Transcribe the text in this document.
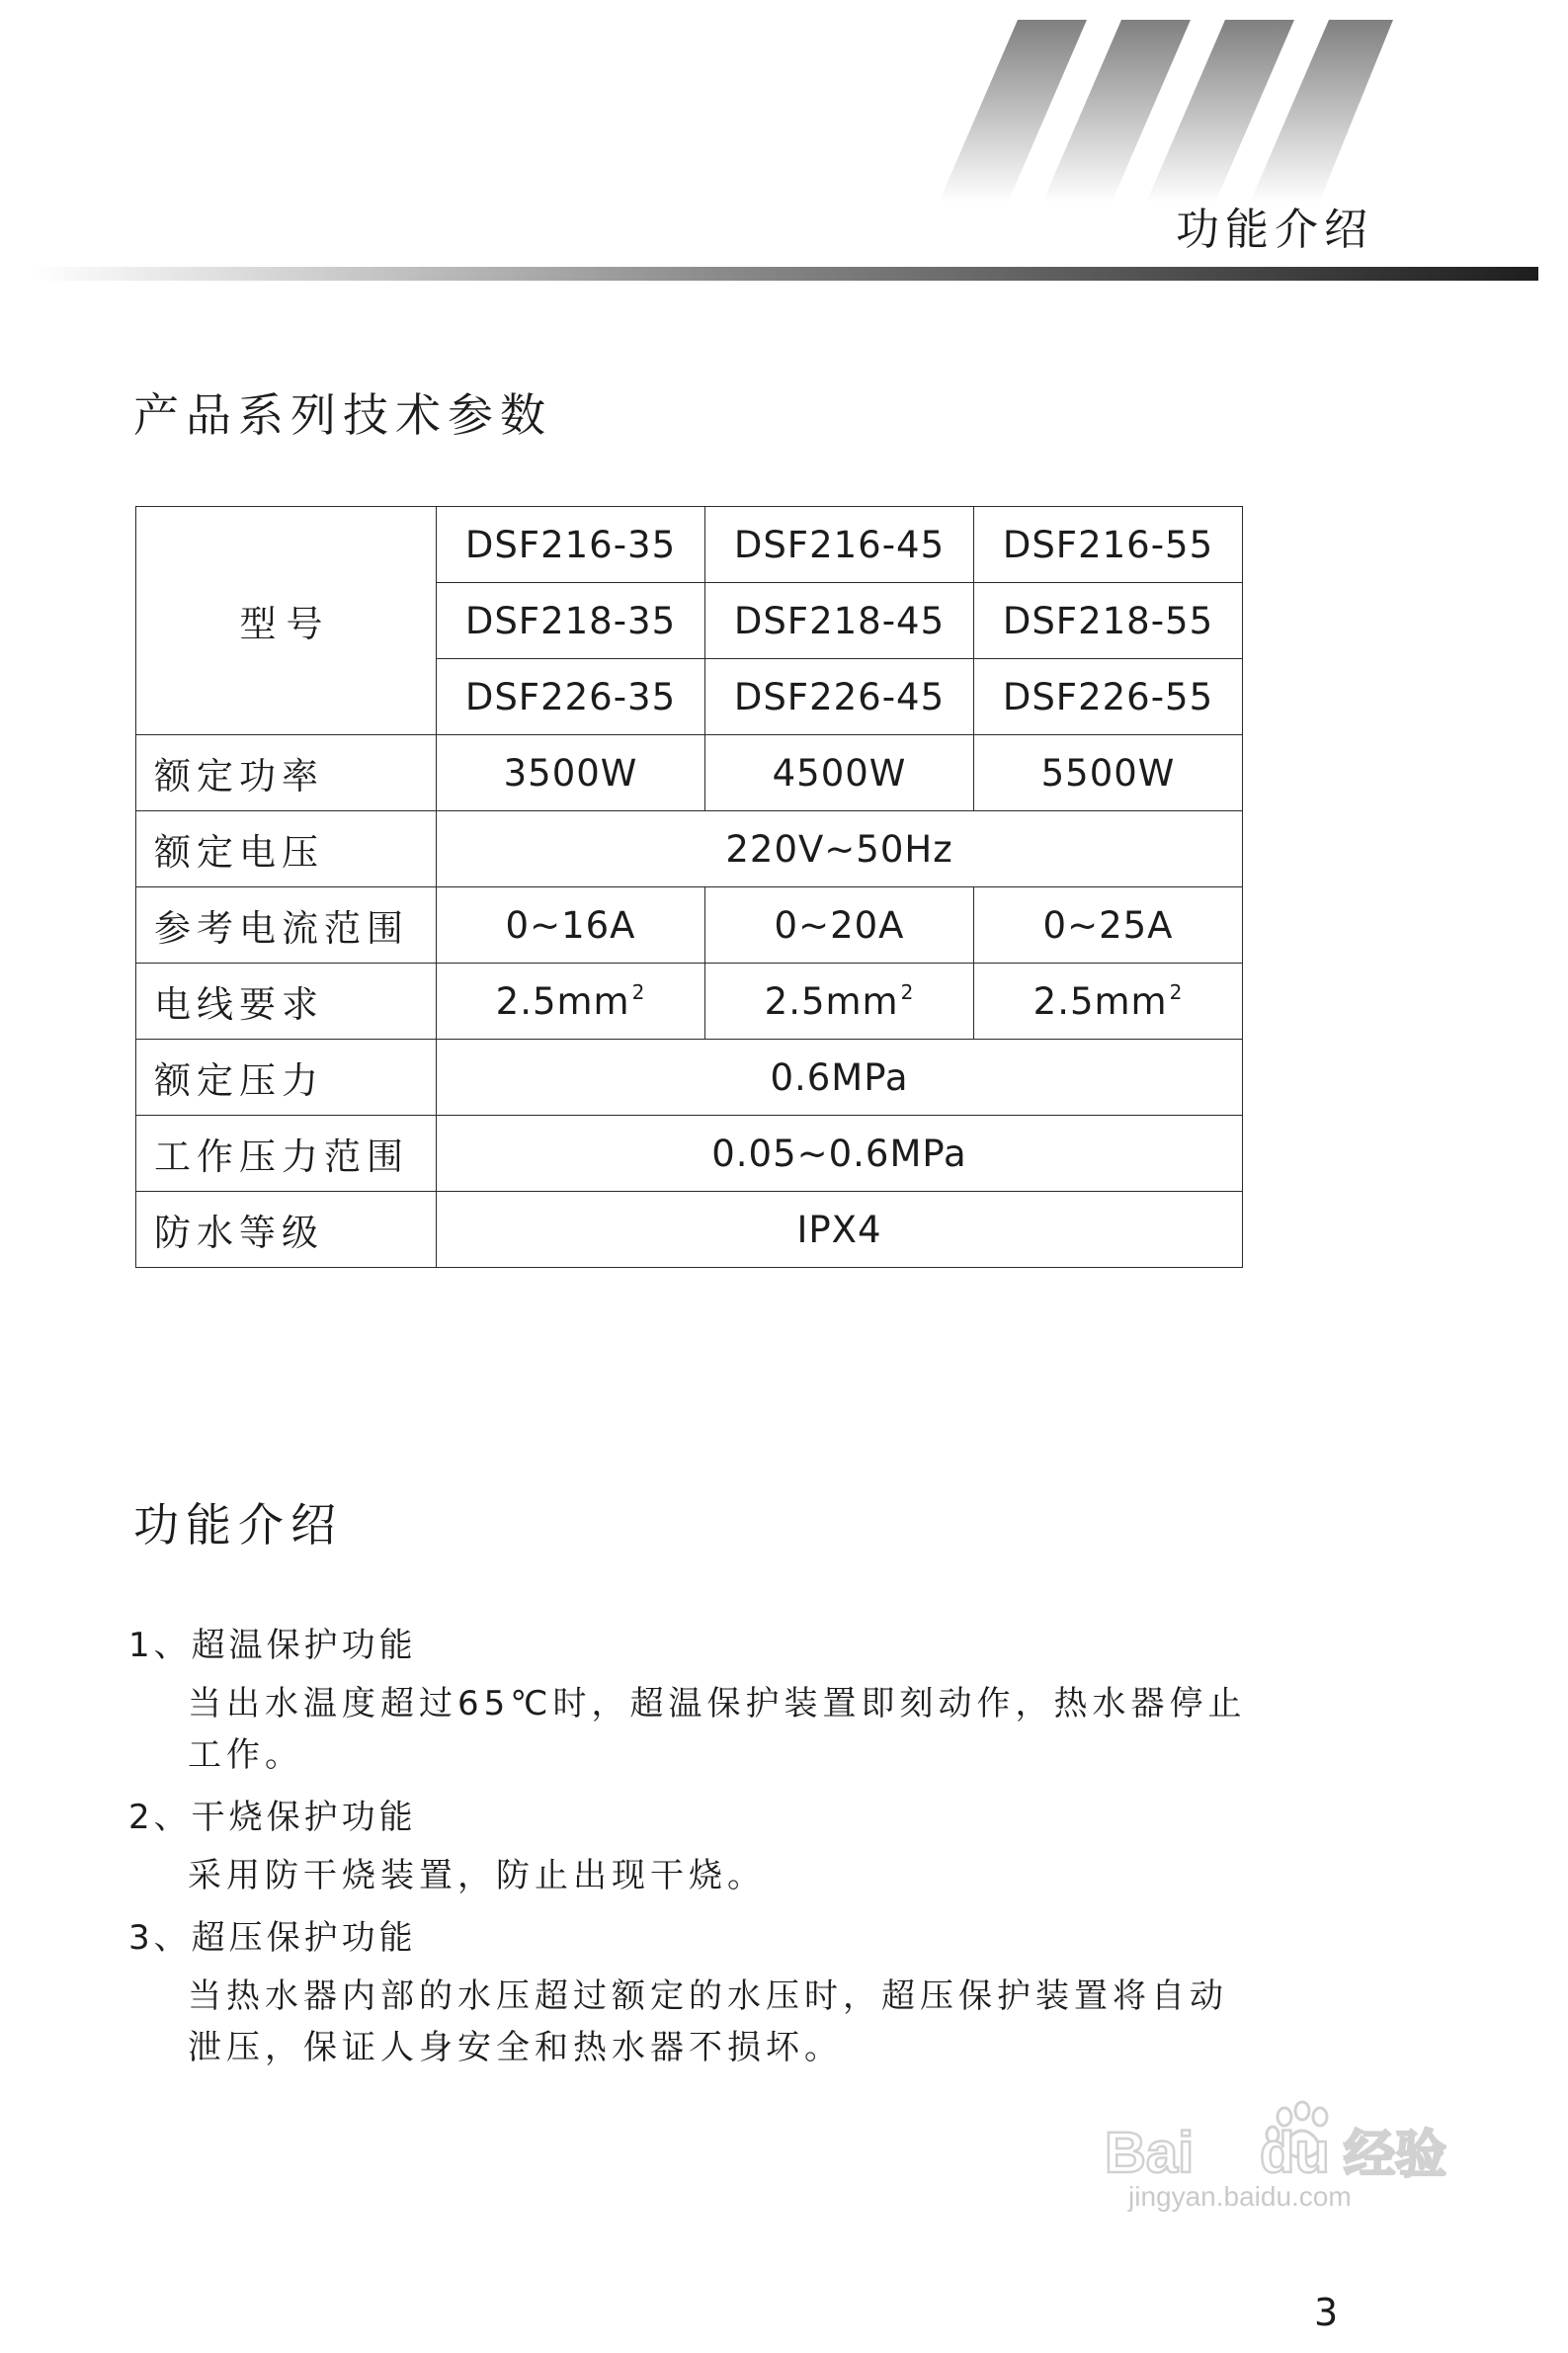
功能介绍
产品系列技术参数
型号	DSF216-35	DSF216-45	DSF216-55
	DSF218-35	DSF218-45	DSF218-55
	DSF226-35	DSF226-45	DSF226-55
额定功率	3500W	4500W	5500W
额定电压	220V~50Hz		
参考电流范围	0~16A	0~20A	0~25A
电线要求	2.5mm $^2$	2.5mm $^2$	2.5mm $^2$
额定压力	0.6MPa		
工作压力范围	0.05~0.6MPa		
防水等级	IPX4		
功能介绍
1、超温保护功能
当出水温度超过65℃时，超温保护装置即刻动作，热水器停止工作。
2、干烧保护功能
采用防干烧装置，防止出现干烧。
3、超压保护功能
当热水器内部的水压超过额定的水压时，超压保护装置将自动泄压，保证人身安全和热水器不损坏。
Bai du 经验
jingyan.baidu.com
3
